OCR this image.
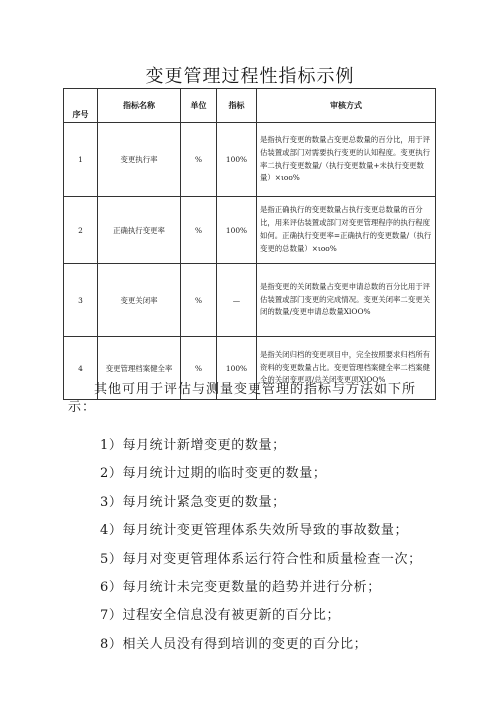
变更管理过程性指标示例
序号	指标名称	单位	指标	审核方式
1	变更执行率	%	100%	是指执行变更的数量占变更总数量的百分比，用于评估装置或部门对需要执行变更的认知程度。变更执行率二执行变更数量/（执行变更数量+未执行变更数量）×ιoo%
2	正确执行变更率	%	100%	是指正确执行的变更数量占执行变更总数量的百分比，用来评估装置或部门对变更管理程序的执行程度如何。正确执行变更率=正确执行的变更数量/（执行变更的总数量）×ιoo%
3	变更关闭率	%	—	是指变更的关闭数量占变更申请总数的百分比用于评估装置或部门变更的完成情况。变更关闭率二变更关闭的数量/变更申请总数量XlOO%
4	变更管理档案健全率	%	100%	是指关闭归档的变更项目中，完全按照要求归档所有资料的变更数量占比。变更管理档案健全率二档案健全的关闭变更项/总关闭变更项XlOO%
其他可用于评估与测量变更管理的指标与方法如下所示：
1）每月统计新增变更的数量；
2）每月统计过期的临时变更的数量；
3）每月统计紧急变更的数量；
4）每月统计变更管理体系失效所导致的事故数量；
5）每月对变更管理体系运行符合性和质量检查一次；
6）每月统计未完变更数量的趋势并进行分析；
7）过程安全信息没有被更新的百分比；
8）相关人员没有得到培训的变更的百分比；
